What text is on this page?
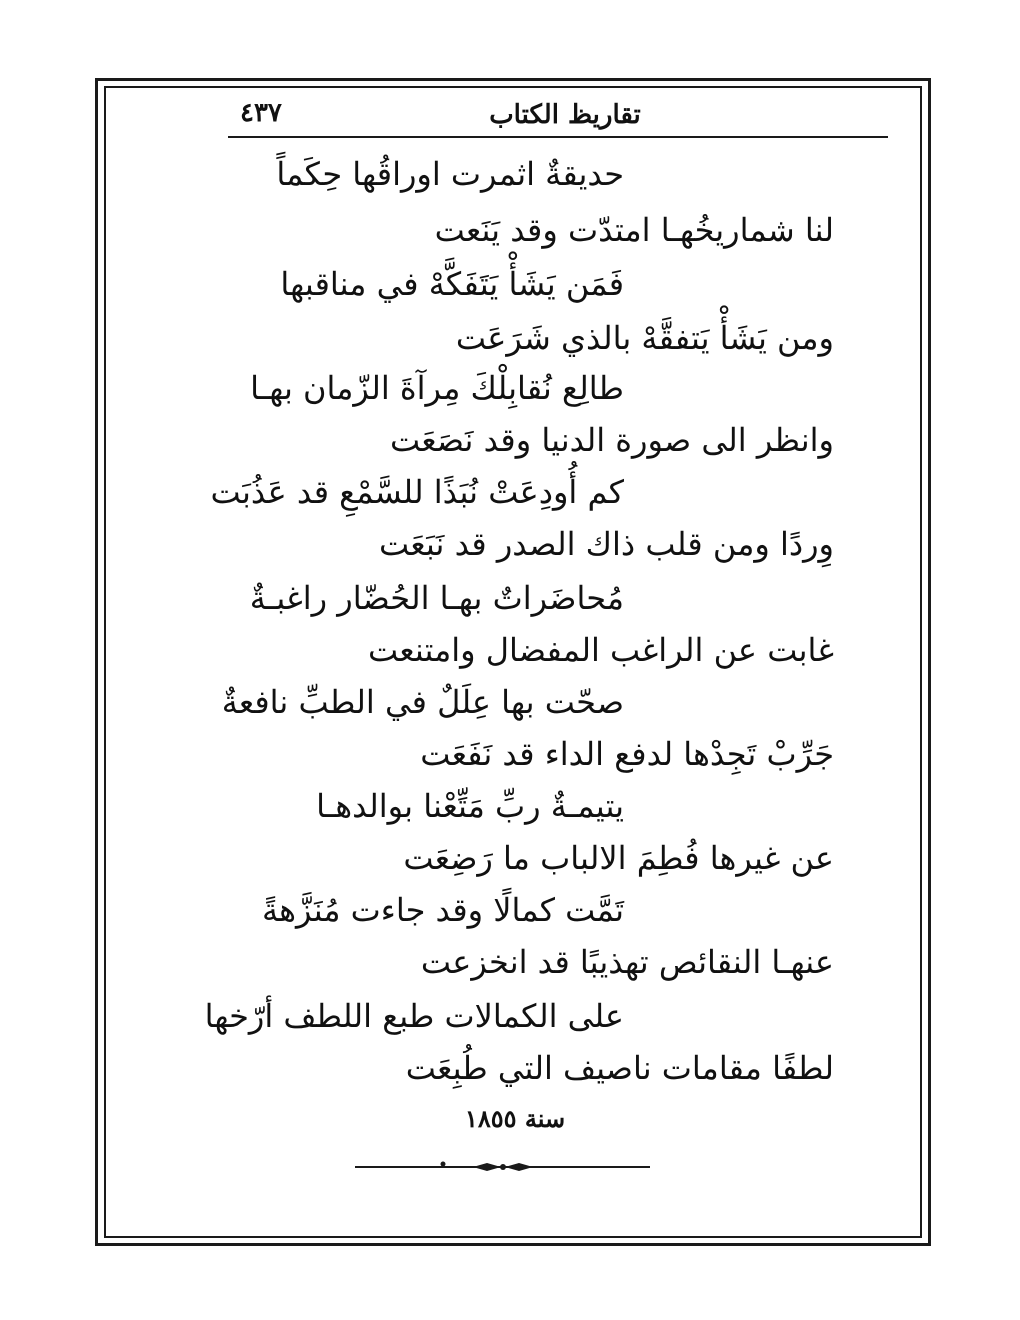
٤٣٧	تقاريظ الكتاب
حديقةٌ اثمرت اوراقُها حِكَماً
لنا شماريخُهـا امتدّت وقد يَنَعت
فَمَن يَشَأْ يَتَفَكَّهْ في مناقبها
ومن يَشَأْ يَتفقَّهْ بالذي شَرَعَت
طالِع نُقابِلْكَ مِرآةَ الزّمان بهـا
وانظر الى صورة الدنيا وقد نَصَعَت
كم أُودِعَتْ نُبَذًا للسَّمْعِ قد عَذُبَت
وِردًا ومن قلب ذاك الصدر قد نَبَعَت
مُحاضَراتٌ بهـا الحُضّار راغبـةٌ
غابت عن الراغب المفضال وامتنعت
صحّت بها عِلَلٌ في الطبِّ نافعةٌ
جَرِّبْ تَجِدْها لدفع الداء قد نَفَعَت
يتيمـةٌ ربِّ مَتِّعْنا بوالدهـا
عن غيرها فُطِمَ الالباب ما رَضِعَت
تَمَّت كمالًا وقد جاءت مُنَزَّهةً
عنهـا النقائص تهذيبًا قد انخزعت
على الكمالات طبع اللطف أرّخها
لطفًا مقامات ناصيف التي طُبِعَت
سنة ١٨٥٥
